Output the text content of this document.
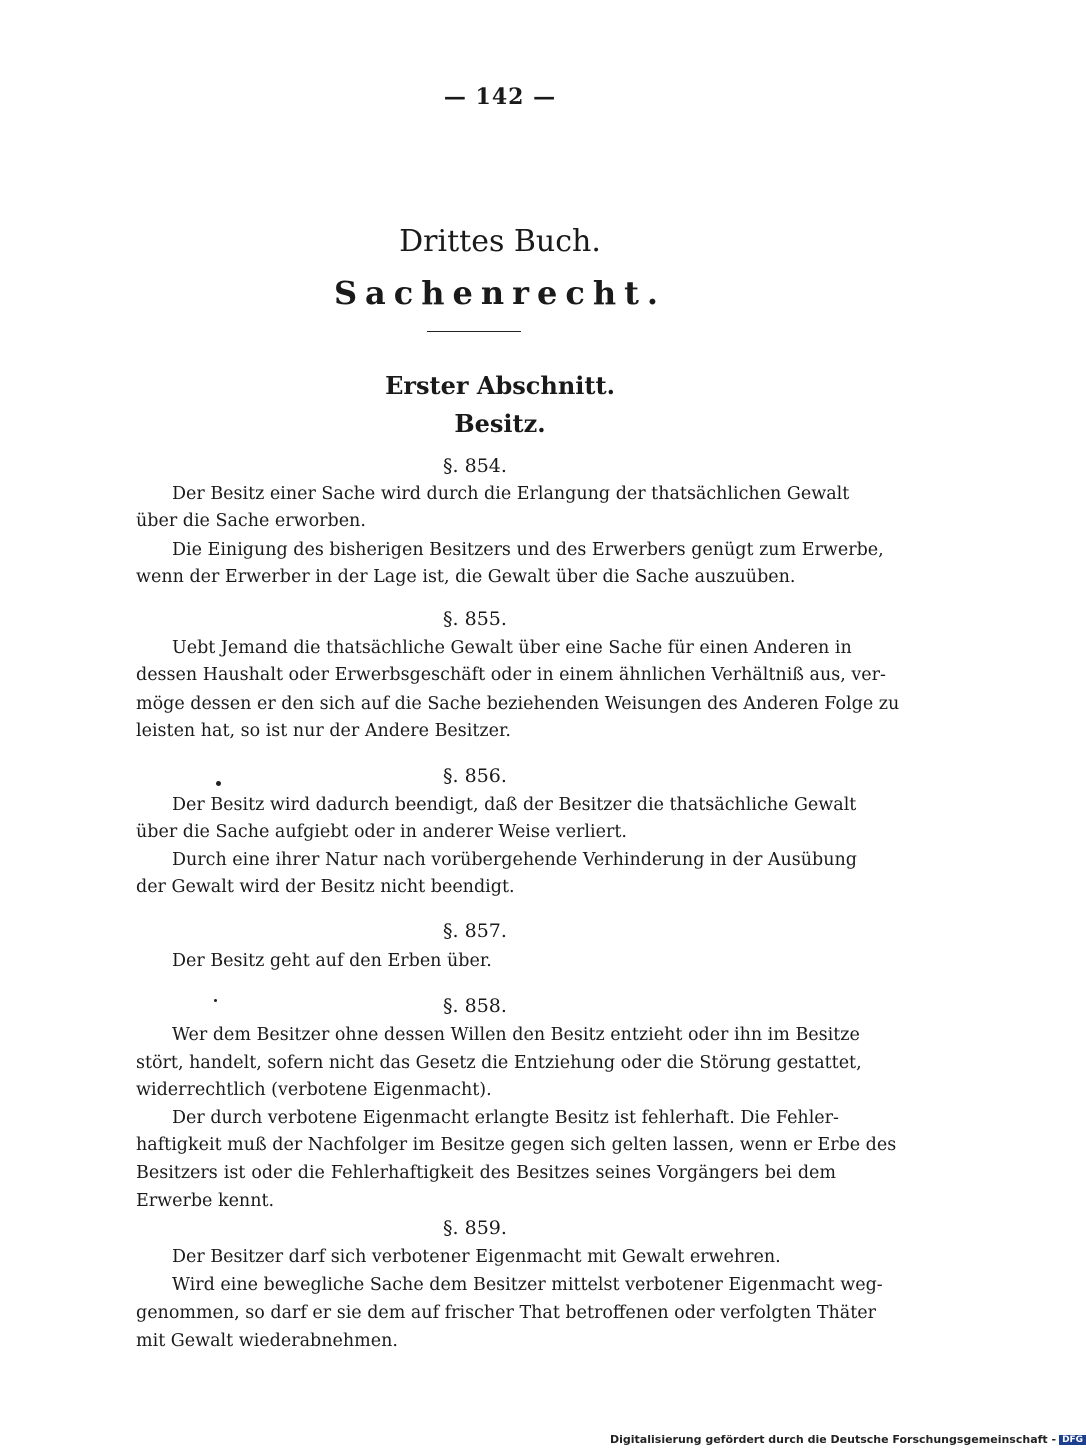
— 142 —
Drittes Buch.
Sachenrecht.
Erster Abschnitt.
Besitz.
§. 854.
Der Besitz einer Sache wird durch die Erlangung der thatsächlichen Gewalt
über die Sache erworben.
Die Einigung des bisherigen Besitzers und des Erwerbers genügt zum Erwerbe,
wenn der Erwerber in der Lage ist, die Gewalt über die Sache auszuüben.
§. 855.
Uebt Jemand die thatsächliche Gewalt über eine Sache für einen Anderen in
dessen Haushalt oder Erwerbsgeschäft oder in einem ähnlichen Verhältniß aus, ver-
möge dessen er den sich auf die Sache beziehenden Weisungen des Anderen Folge zu
leisten hat, so ist nur der Andere Besitzer.
§. 856.
Der Besitz wird dadurch beendigt, daß der Besitzer die thatsächliche Gewalt
über die Sache aufgiebt oder in anderer Weise verliert.
Durch eine ihrer Natur nach vorübergehende Verhinderung in der Ausübung
der Gewalt wird der Besitz nicht beendigt.
§. 857.
Der Besitz geht auf den Erben über.
§. 858.
Wer dem Besitzer ohne dessen Willen den Besitz entzieht oder ihn im Besitze
stört, handelt, sofern nicht das Gesetz die Entziehung oder die Störung gestattet,
widerrechtlich (verbotene Eigenmacht).
Der durch verbotene Eigenmacht erlangte Besitz ist fehlerhaft. Die Fehler-
haftigkeit muß der Nachfolger im Besitze gegen sich gelten lassen, wenn er Erbe des
Besitzers ist oder die Fehlerhaftigkeit des Besitzes seines Vorgängers bei dem
Erwerbe kennt.
§. 859.
Der Besitzer darf sich verbotener Eigenmacht mit Gewalt erwehren.
Wird eine bewegliche Sache dem Besitzer mittelst verbotener Eigenmacht weg-
genommen, so darf er sie dem auf frischer That betroffenen oder verfolgten Thäter
mit Gewalt wiederabnehmen.
Digitalisierung gefördert durch die Deutsche Forschungsgemeinschaft - DFG
